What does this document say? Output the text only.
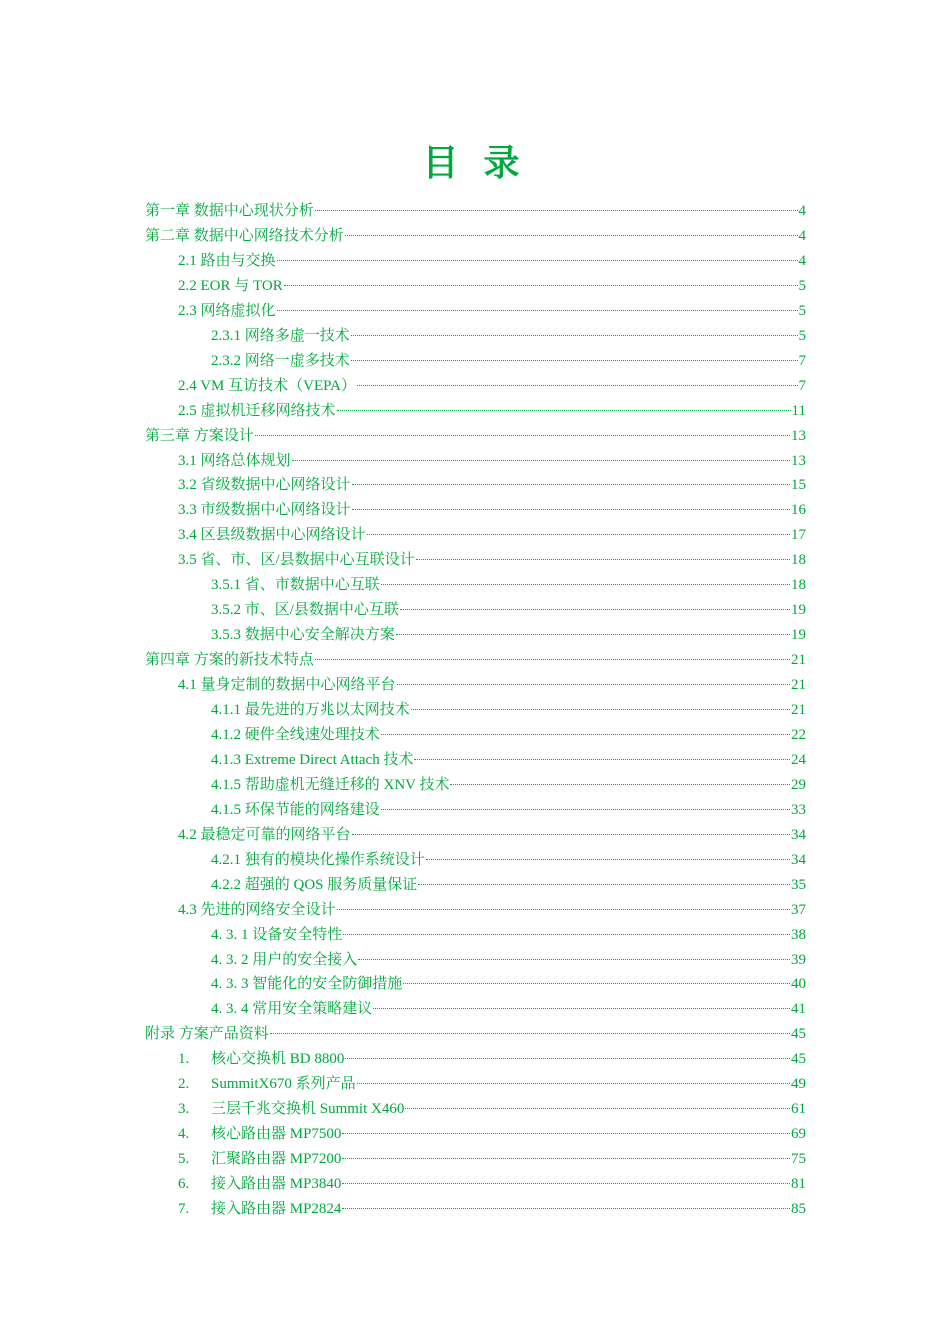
目 录
第一章 数据中心现状分析	4
第二章 数据中心网络技术分析	4
2.1 路由与交换	4
2.2 EOR 与 TOR	5
2.3 网络虚拟化	5
2.3.1 网络多虚一技术	5
2.3.2 网络一虚多技术	7
2.4 VM 互访技术（VEPA）	7
2.5 虚拟机迁移网络技术	11
第三章 方案设计	13
3.1 网络总体规划	13
3.2 省级数据中心网络设计	15
3.3 市级数据中心网络设计	16
3.4 区县级数据中心网络设计	17
3.5 省、市、区/县数据中心互联设计	18
3.5.1 省、市数据中心互联	18
3.5.2 市、区/县数据中心互联	19
3.5.3 数据中心安全解决方案	19
第四章 方案的新技术特点	21
4.1 量身定制的数据中心网络平台	21
4.1.1 最先进的万兆以太网技术	21
4.1.2 硬件全线速处理技术	22
4.1.3 Extreme Direct Attach 技术	24
4.1.5 帮助虚机无缝迁移的 XNV 技术	29
4.1.5 环保节能的网络建设	33
4.2 最稳定可靠的网络平台	34
4.2.1 独有的模块化操作系统设计	34
4.2.2 超强的 QOS 服务质量保证	35
4.3 先进的网络安全设计	37
4. 3. 1 设备安全特性	38
4. 3. 2 用户的安全接入	39
4. 3. 3 智能化的安全防御措施	40
4. 3. 4 常用安全策略建议	41
附录 方案产品资料	45
1.	核心交换机 BD 8800	45
2.	SummitX670 系列产品	49
3.	三层千兆交换机 Summit X460	61
4.	核心路由器 MP7500	69
5.	汇聚路由器 MP7200	75
6.	接入路由器 MP3840	81
7.	接入路由器 MP2824	85
